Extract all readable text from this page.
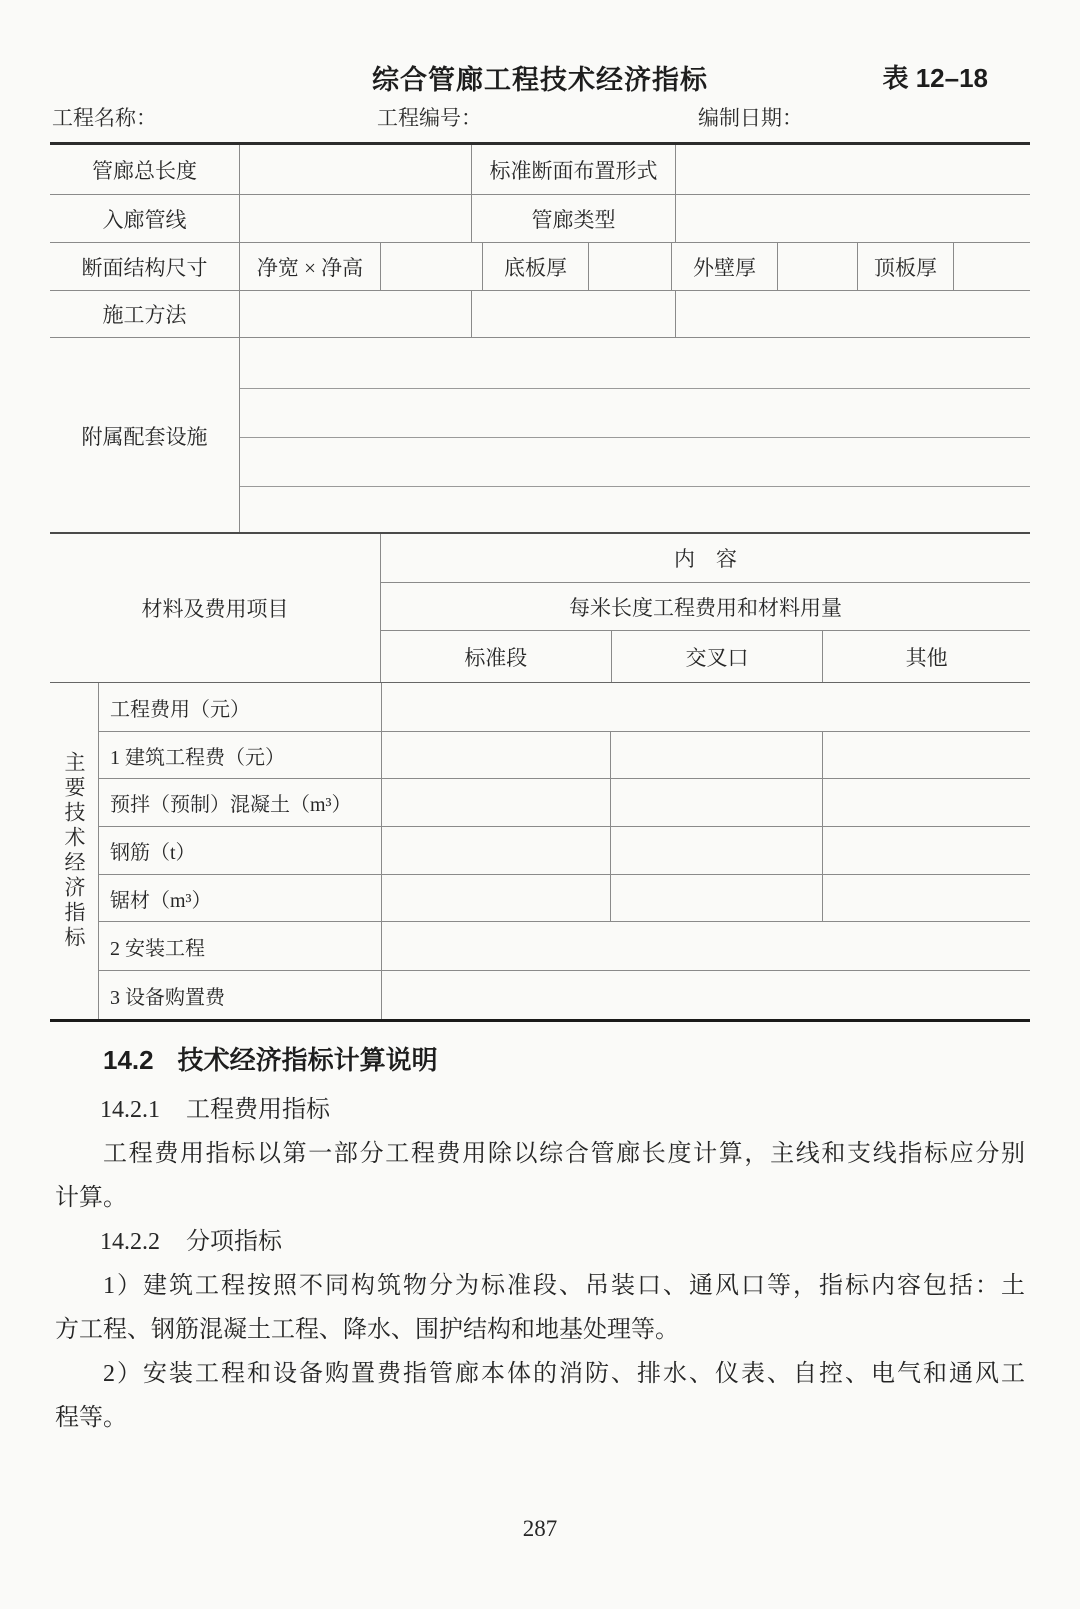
综合管廊工程技术经济指标	表 12–18
工程名称：	工程编号：	编制日期：
管廊总长度	标准断面布置形式
入廊管线	管廊类型
断面结构尺寸	净宽 × 净高	底板厚	外壁厚	顶板厚
施工方法
附属配套设施
材料及费用项目
内　容
每米长度工程费用和材料用量
标准段	交叉口	其他
主要技术经济指标
工程费用（元）
1 建筑工程费（元）
预拌（预制）混凝土（m³）
钢筋（t）
锯材（m³）
2 安装工程
3 设备购置费
14.2 技术经济指标计算说明
14.2.1 工程费用指标
工程费用指标以第一部分工程费用除以综合管廊长度计算，主线和支线指标应分别
计算。
14.2.2 分项指标
1）建筑工程按照不同构筑物分为标准段、吊装口、通风口等，指标内容包括：土
方工程、钢筋混凝土工程、降水、围护结构和地基处理等。
2）安装工程和设备购置费指管廊本体的消防、排水、仪表、自控、电气和通风工
程等。
287
